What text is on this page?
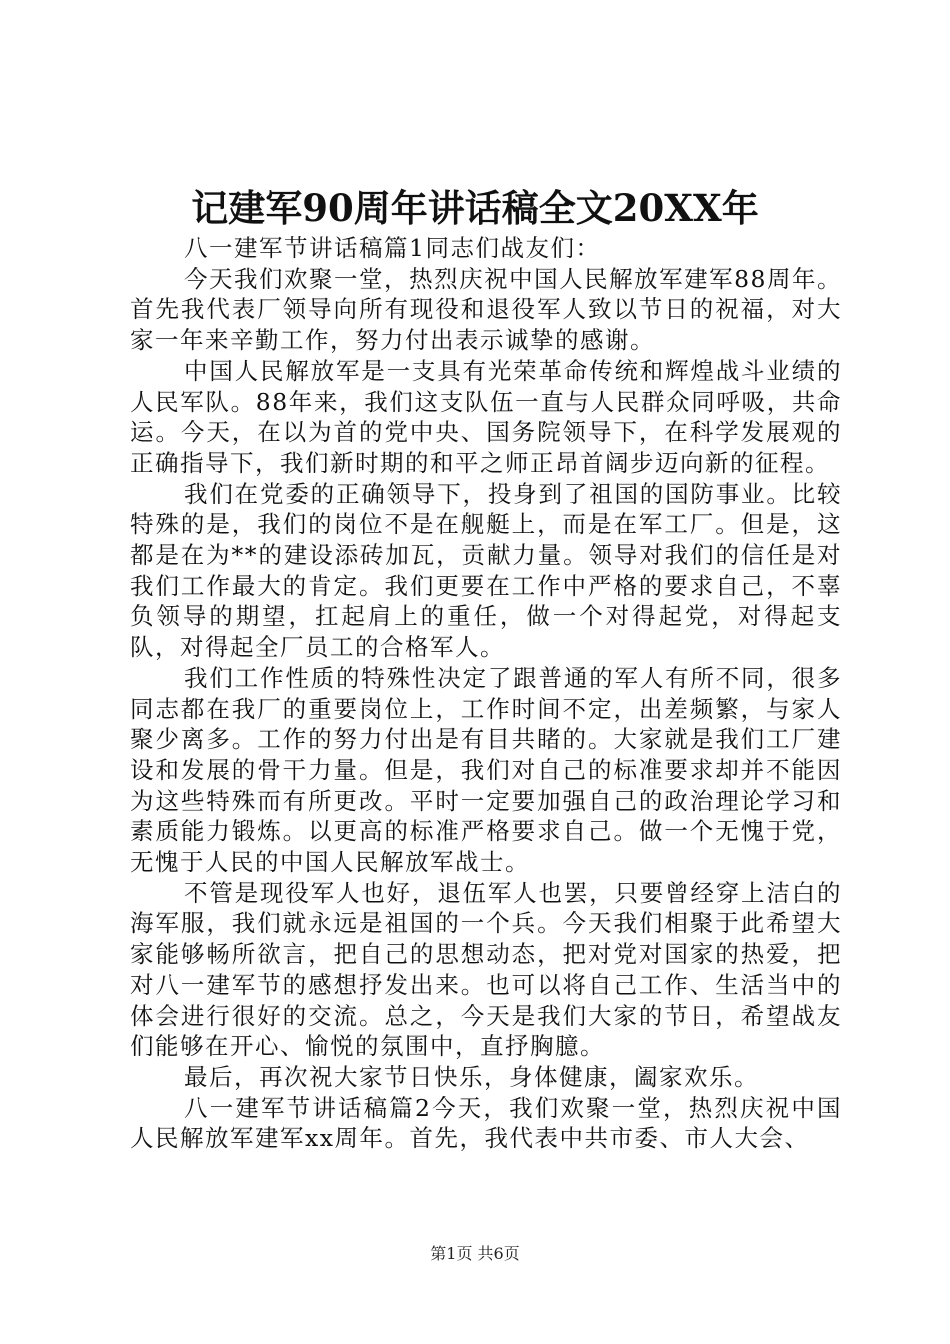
记建军90周年讲话稿全文20XX年

八一建军节讲话稿篇1同志们战友们：

今天我们欢聚一堂，热烈庆祝中国人民解放军建军88周年。首先我代表厂领导向所有现役和退役军人致以节日的祝福，对大家一年来辛勤工作，努力付出表示诚挚的感谢。

中国人民解放军是一支具有光荣革命传统和辉煌战斗业绩的人民军队。88年来，我们这支队伍一直与人民群众同呼吸，共命运。今天，在以为首的党中央、国务院领导下，在科学发展观的正确指导下，我们新时期的和平之师正昂首阔步迈向新的征程。

我们在党委的正确领导下，投身到了祖国的国防事业。比较特殊的是，我们的岗位不是在舰艇上，而是在军工厂。但是，这都是在为**的建设添砖加瓦，贡献力量。领导对我们的信任是对我们工作最大的肯定。我们更要在工作中严格的要求自己，不辜负领导的期望，扛起肩上的重任，做一个对得起党，对得起支队，对得起全厂员工的合格军人。

我们工作性质的特殊性决定了跟普通的军人有所不同，很多同志都在我厂的重要岗位上，工作时间不定，出差频繁，与家人聚少离多。工作的努力付出是有目共睹的。大家就是我们工厂建设和发展的骨干力量。但是，我们对自己的标准要求却并不能因为这些特殊而有所更改。平时一定要加强自己的政治理论学习和素质能力锻炼。以更高的标准严格要求自己。做一个无愧于党，无愧于人民的中国人民解放军战士。

不管是现役军人也好，退伍军人也罢，只要曾经穿上洁白的海军服，我们就永远是祖国的一个兵。今天我们相聚于此希望大家能够畅所欲言，把自己的思想动态，把对党对国家的热爱，把对八一建军节的感想抒发出来。也可以将自己工作、生活当中的体会进行很好的交流。总之，今天是我们大家的节日，希望战友们能够在开心、愉悦的氛围中，直抒胸臆。

最后，再次祝大家节日快乐，身体健康，阖家欢乐。

八一建军节讲话稿篇2今天，我们欢聚一堂，热烈庆祝中国人民解放军建军xx周年。首先，我代表中共市委、市人大会、

第1页 共6页
